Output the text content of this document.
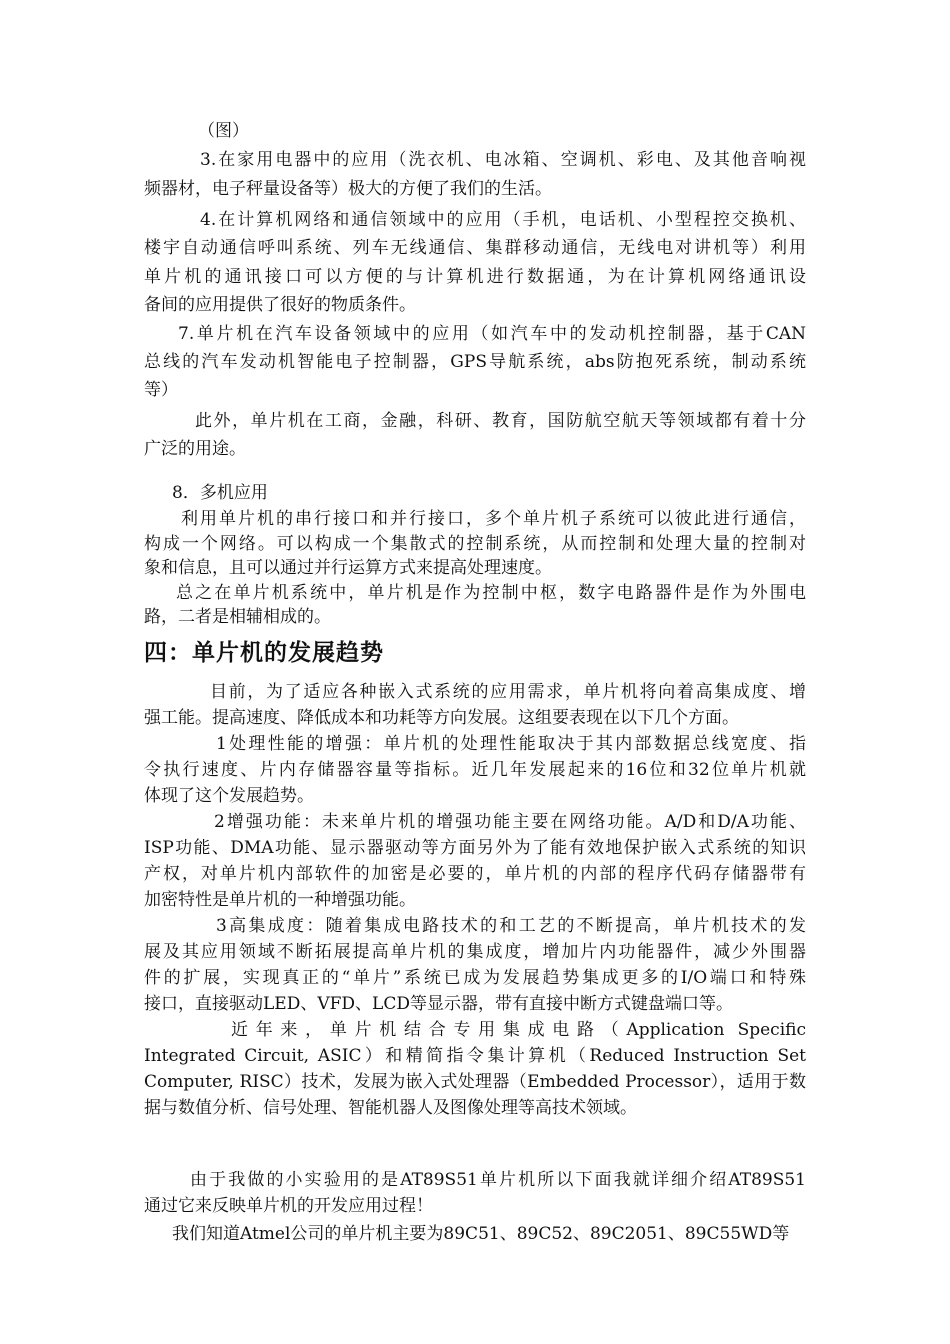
（图）
3.在家用电器中的应用（洗衣机、电冰箱、空调机、彩电、及其他音响视
频器材，电子秤量设备等）极大的方便了我们的生活。
4.在计算机网络和通信领域中的应用（手机，电话机、小型程控交换机、
楼宇自动通信呼叫系统、列车无线通信、集群移动通信，无线电对讲机等）利用
单片机的通讯接口可以方便的与计算机进行数据通，为在计算机网络通讯设
备间的应用提供了很好的物质条件。
7.单片机在汽车设备领域中的应用（如汽车中的发动机控制器，基于CAN
总线的汽车发动机智能电子控制器，GPS导航系统，abs防抱死系统，制动系统
等）
此外，单片机在工商，金融，科研、教育，国防航空航天等领域都有着十分
广泛的用途。
8．多机应用
利用单片机的串行接口和并行接口，多个单片机子系统可以彼此进行通信，
构成一个网络。可以构成一个集散式的控制系统，从而控制和处理大量的控制对
象和信息，且可以通过并行运算方式来提高处理速度。
总之在单片机系统中，单片机是作为控制中枢，数字电路器件是作为外围电
路，二者是相辅相成的。
四：单片机的发展趋势
目前，为了适应各种嵌入式系统的应用需求，单片机将向着高集成度、增
强工能。提高速度、降低成本和功耗等方向发展。这组要表现在以下几个方面。
1处理性能的增强：单片机的处理性能取决于其内部数据总线宽度、指
令执行速度、片内存储器容量等指标。近几年发展起来的16位和32位单片机就
体现了这个发展趋势。
2增强功能：未来单片机的增强功能主要在网络功能。A/D和D/A功能、
ISP功能、DMA功能、显示器驱动等方面另外为了能有效地保护嵌入式系统的知识
产权，对单片机内部软件的加密是必要的，单片机的内部的程序代码存储器带有
加密特性是单片机的一种增强功能。
3高集成度：随着集成电路技术的和工艺的不断提高，单片机技术的发
展及其应用领域不断拓展提高单片机的集成度，增加片内功能器件，减少外围器
件的扩展，实现真正的“单片”系统已成为发展趋势集成更多的I/O端口和特殊
接口，直接驱动LED、VFD、LCD等显示器，带有直接中断方式键盘端口等。
近年来，单片机结合专用集成电路（Application Specific
Integrated Circuit, ASIC）和精简指令集计算机（Reduced Instruction Set
Computer, RISC）技术，发展为嵌入式处理器（Embedded Processor），适用于数
据与数值分析、信号处理、智能机器人及图像处理等高技术领域。
由于我做的小实验用的是AT89S51单片机所以下面我就详细介绍AT89S51
通过它来反映单片机的开发应用过程！
我们知道Atmel公司的单片机主要为89C51、89C52、89C2051、89C55WD等
